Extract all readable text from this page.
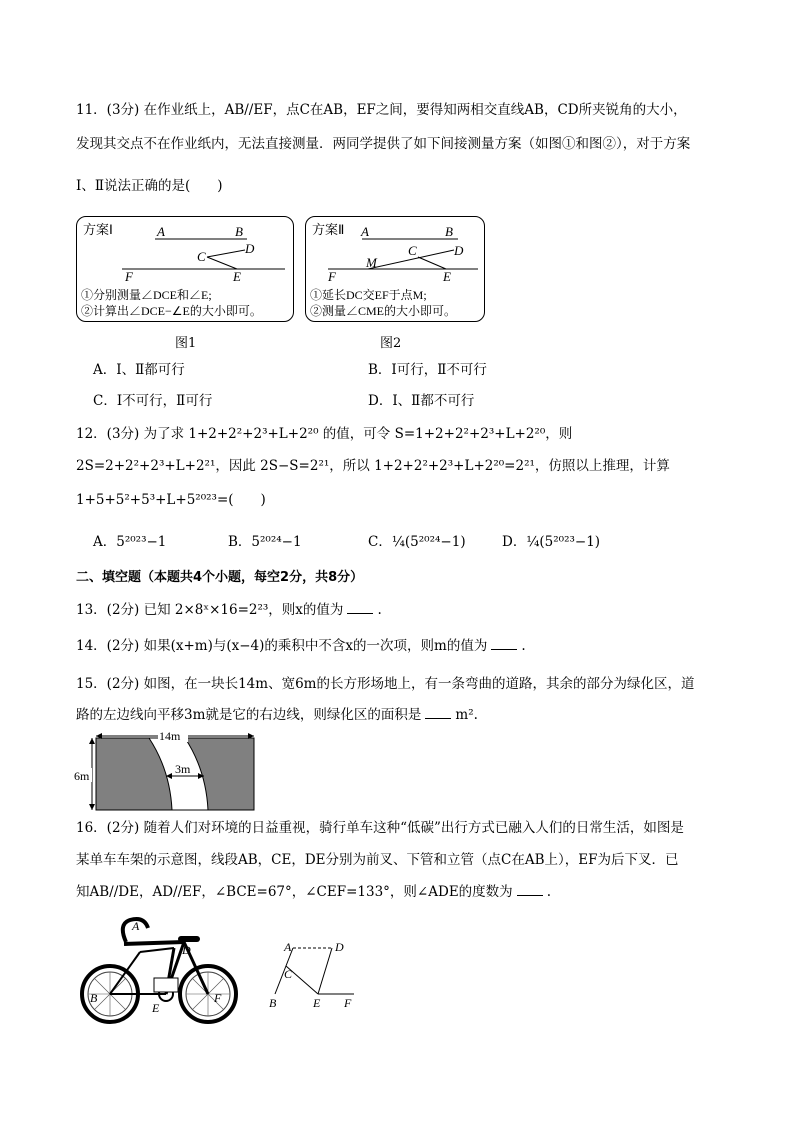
11．(3分) 在作业纸上，AB//EF，点C在AB，EF之间，要得知两相交直线AB，CD所夹锐角的大小，
发现其交点不在作业纸内，无法直接测量．两同学提供了如下间接测量方案（如图①和图②），对于方案
Ⅰ、Ⅱ说法正确的是(　　)
方案Ⅰ	A	B
C
D
F	E
①分别测量∠DCE和∠E;
②计算出∠DCE−∠E的大小即可。
图1
方案Ⅱ A	B
C	D
M
F	E
①延长DC交EF于点M;
②测量∠CME的大小即可。
图2
A．Ⅰ、Ⅱ都可行	B．Ⅰ可行，Ⅱ不可行
C．Ⅰ不可行，Ⅱ可行	D．Ⅰ、Ⅱ都不可行
12．(3分) 为了求 1+2+2²+2³+L+2²⁰ 的值，可令 S=1+2+2²+2³+L+2²⁰，则
2S=2+2²+2³+L+2²¹，因此 2S−S=2²¹，所以 1+2+2²+2³+L+2²⁰=2²¹，仿照以上推理，计算
1+5+5²+5³+L+5²⁰²³=(　　)
A．5²⁰²³−1	B．5²⁰²⁴−1	C．¼(5²⁰²⁴−1)	D．¼(5²⁰²³−1)
二、填空题（本题共4个小题，每空2分，共8分）
13．(2分) 已知 2×8ˣ×16=2²³，则x的值为	.
14．(2分) 如果(x+m)与(x−4)的乘积中不含x的一次项，则m的值为	.
15．(2分) 如图，在一块长14m、宽6m的长方形场地上，有一条弯曲的道路，其余的部分为绿化区，道
路的左边线向平移3m就是它的右边线，则绿化区的面积是	m².
14m
6m	3m
16．(2分) 随着人们对环境的日益重视，骑行单车这种“低碳”出行方式已融入人们的日常生活，如图是
某单车车架的示意图，线段AB，CE，DE分别为前叉、下管和立管（点C在AB上），EF为后下叉．已
知AB//DE，AD//EF，∠BCE=67°，∠CEF=133°，则∠ADE的度数为	.
A
D
B
E
F
A	D
C
B	E F
